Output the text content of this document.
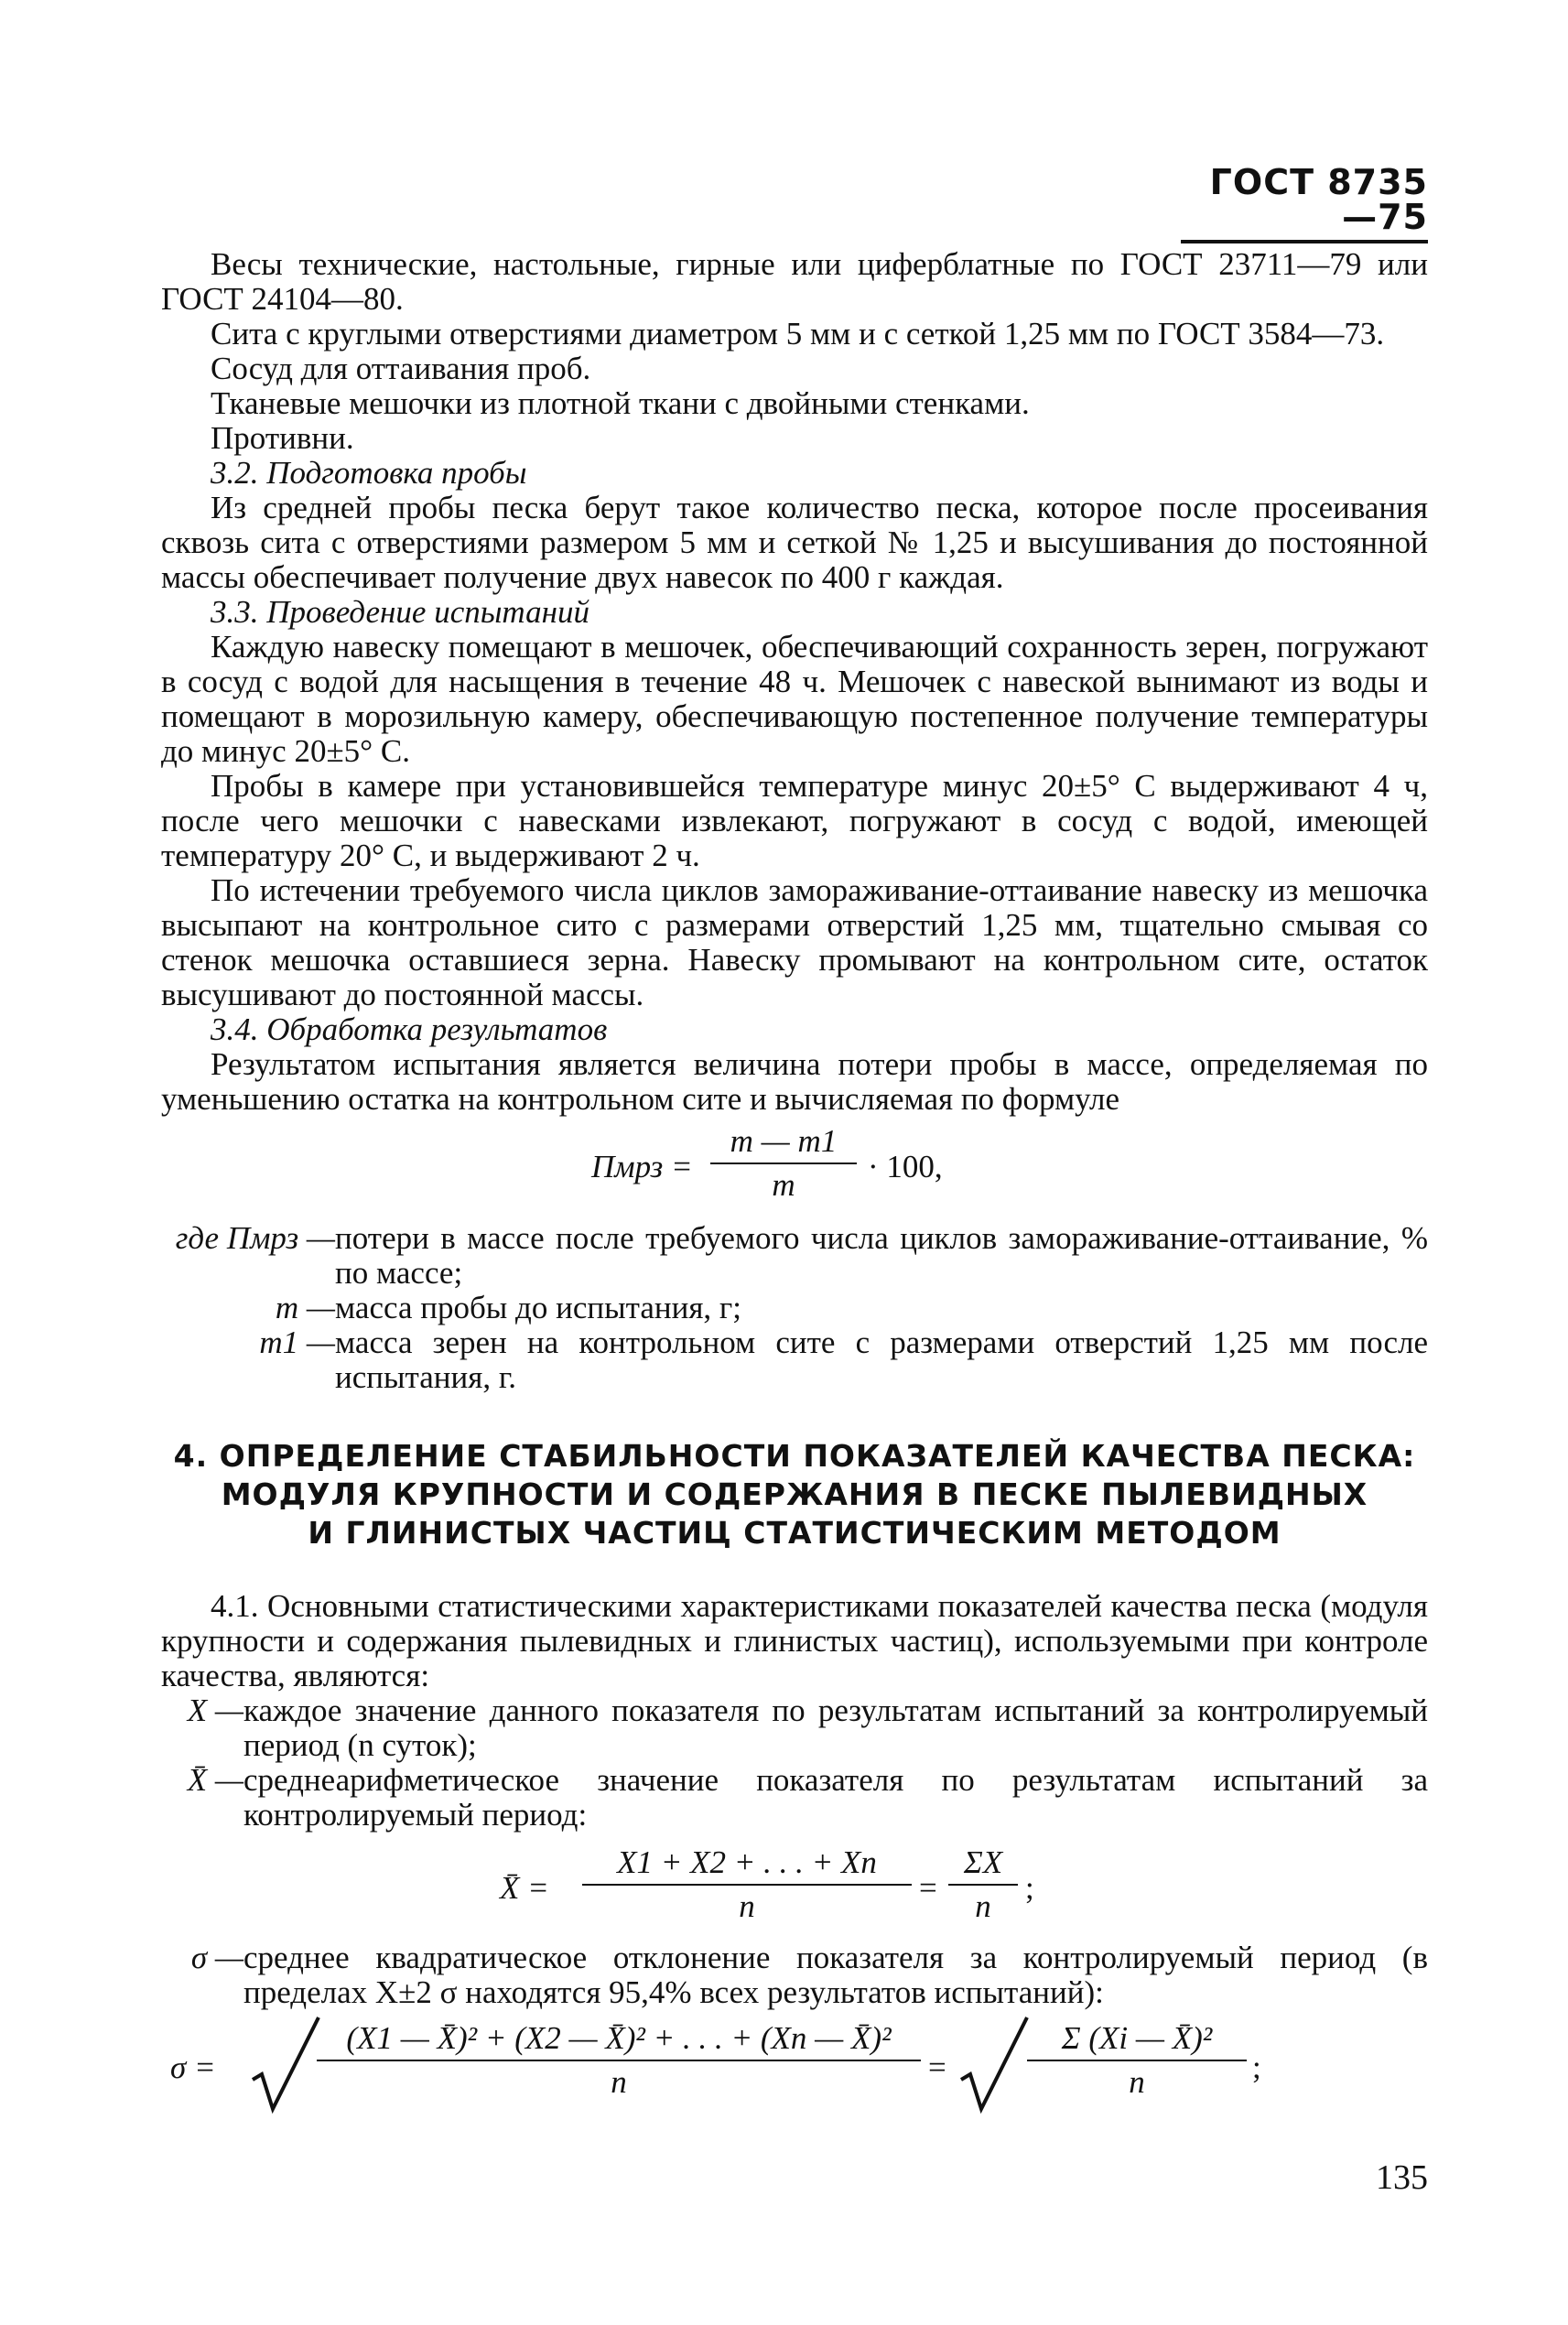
ГОСТ 8735—75

Весы технические, настольные, гирные или циферблатные по ГОСТ 23711—79 или ГОСТ 24104—80.

Сита с круглыми отверстиями диаметром 5 мм и с сеткой 1,25 мм по ГОСТ 3584—73.

Сосуд для оттаивания проб.

Тканевые мешочки из плотной ткани с двойными стенками.

Противни.

3.2. Подготовка пробы

Из средней пробы песка берут такое количество песка, которое после просеивания сквозь сита с отверстиями размером 5 мм и сеткой № 1,25 и высушивания до постоянной массы обеспечивает получение двух навесок по 400 г каждая.

3.3. Проведение испытаний

Каждую навеску помещают в мешочек, обеспечивающий сохранность зерен, погружают в сосуд с водой для насыщения в течение 48 ч. Мешочек с навеской вынимают из воды и помещают в морозильную камеру, обеспечивающую постепенное получение температуры до минус 20±5° С.

Пробы в камере при установившейся температуре минус 20±5° С выдерживают 4 ч, после чего мешочки с навесками извлекают, погружают в сосуд с водой, имеющей температуру 20° С, и выдерживают 2 ч.

По истечении требуемого числа циклов замораживание-оттаивание навеску из мешочка высыпают на контрольное сито с размерами отверстий 1,25 мм, тщательно смывая со стенок мешочка оставшиеся зерна. Навеску промывают на контрольном сите, остаток высушивают до постоянной массы.

3.4. Обработка результатов

Результатом испытания является величина потери пробы в массе, определяемая по уменьшению остатка на контрольном сите и вычисляемая по формуле

Пмрз = $\frac{m — m1}{m} \cdot 100$,
где Пмрз — потери в массе после требуемого числа циклов замораживание-оттаивание, % по массе;
m — масса пробы до испытания, г;
m1 — масса зерен на контрольном сите с размерами отверстий 1,25 мм после испытания, г.
4. ОПРЕДЕЛЕНИЕ СТАБИЛЬНОСТИ ПОКАЗАТЕЛЕЙ КАЧЕСТВА ПЕСКА:
МОДУЛЯ КРУПНОСТИ И СОДЕРЖАНИЯ В ПЕСКЕ ПЫЛЕВИДНЫХ
И ГЛИНИСТЫХ ЧАСТИЦ СТАТИСТИЧЕСКИМ МЕТОДОМ

4.1. Основными статистическими характеристиками показателей качества песка (модуля крупности и содержания пылевидных и глинистых частиц), используемыми при контроле качества, являются:

X — каждое значение данного показателя по результатам испытаний за контролируемый период (n суток);
X̄ — среднеарифметическое значение показателя по результатам испытаний за контролируемый период:
X̄ = $\frac{X1 + X2 + . . . + Xn}{n} = \frac{\Sigma X}{n}$ ;
σ — среднее квадратическое отклонение показателя за контролируемый период (в пределах X±2 σ находятся 95,4% всех результатов испытаний):
σ =	$\frac{\text{(X1 — X̄)² + (X2 — X̄)² + . . . + (Xn — X̄)²}}{n}$ =	$\frac{\text{Σ (Xi — X̄)²}}{n}$ ;
135
